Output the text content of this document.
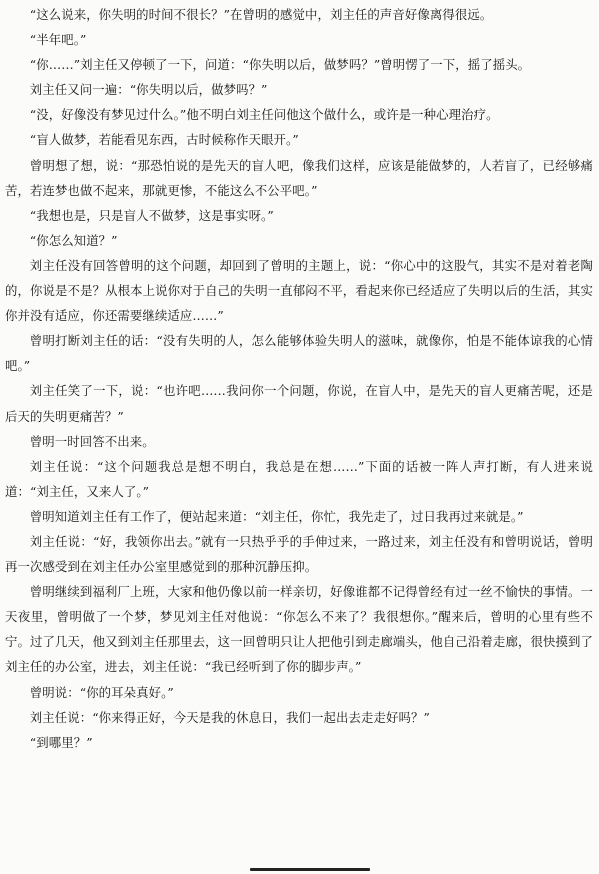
“这么说来，你失明的时间不很长？”在曾明的感觉中，刘主任的声音好像离得很远。

“半年吧。”

“你……”刘主任又停顿了一下，问道：“你失明以后，做梦吗？”曾明愣了一下，摇了摇头。

刘主任又问一遍：“你失明以后，做梦吗？”

“没，好像没有梦见过什么。”他不明白刘主任问他这个做什么，或许是一种心理治疗。

“盲人做梦，若能看见东西，古时候称作天眼开。”

曾明想了想，说：“那恐怕说的是先天的盲人吧，像我们这样，应该是能做梦的，人若盲了，已经够痛苦，若连梦也做不起来，那就更惨，不能这么不公平吧。”

“我想也是，只是盲人不做梦，这是事实呀。”

“你怎么知道？”

刘主任没有回答曾明的这个问题，却回到了曾明的主题上，说：“你心中的这股气，其实不是对着老陶的，你说是不是？从根本上说你对于自己的失明一直郁闷不平，看起来你已经适应了失明以后的生活，其实你并没有适应，你还需要继续适应……”

曾明打断刘主任的话：“没有失明的人，怎么能够体验失明人的滋味，就像你，怕是不能体谅我的心情吧。”

刘主任笑了一下，说：“也许吧……我问你一个问题，你说，在盲人中，是先天的盲人更痛苦呢，还是后天的失明更痛苦？”

曾明一时回答不出来。

刘主任说：“这个问题我总是想不明白，我总是在想……”下面的话被一阵人声打断，有人进来说道：“刘主任，又来人了。”

曾明知道刘主任有工作了，便站起来道：“刘主任，你忙，我先走了，过日我再过来就是。”

刘主任说：“好，我领你出去。”就有一只热乎乎的手伸过来，一路过来，刘主任没有和曾明说话，曾明再一次感受到在刘主任办公室里感觉到的那种沉静压抑。

曾明继续到福利厂上班，大家和他仍像以前一样亲切，好像谁都不记得曾经有过一丝不愉快的事情。一天夜里，曾明做了一个梦，梦见刘主任对他说：“你怎么不来了？我很想你。”醒来后，曾明的心里有些不宁。过了几天，他又到刘主任那里去，这一回曾明只让人把他引到走廊端头，他自己沿着走廊，很快摸到了刘主任的办公室，进去，刘主任说：“我已经听到了你的脚步声。”

曾明说：“你的耳朵真好。”

刘主任说：“你来得正好，今天是我的休息日，我们一起出去走走好吗？”

“到哪里？”
